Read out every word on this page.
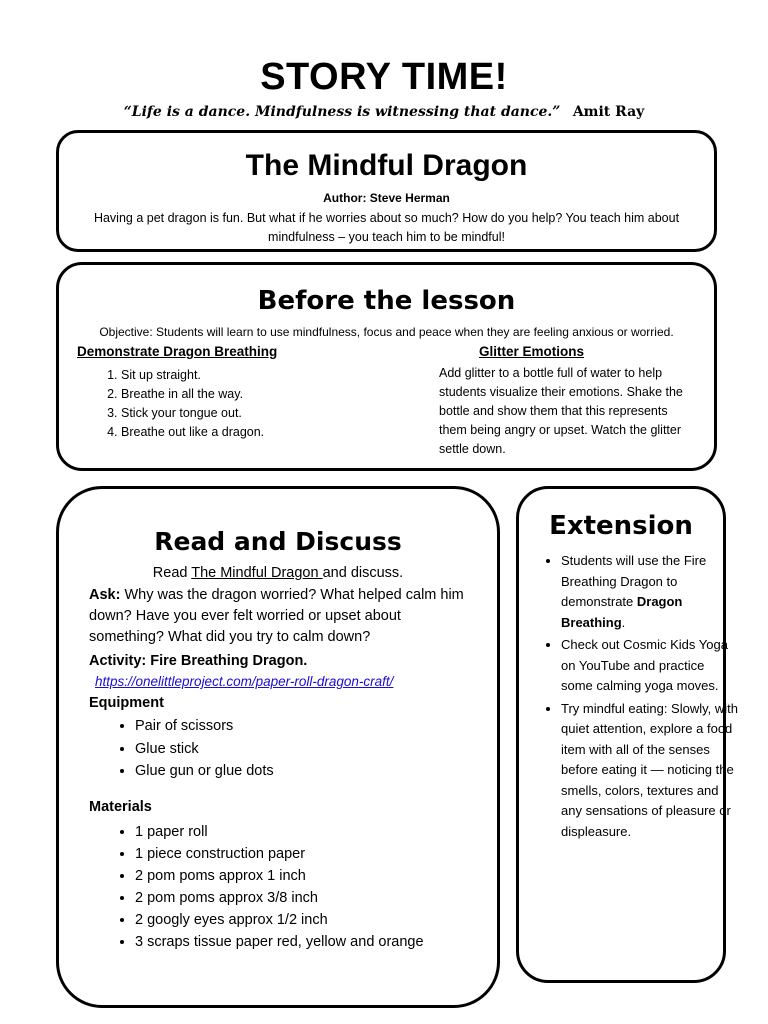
STORY TIME!
“Life is a dance. Mindfulness is witnessing that dance.” Amit Ray
The Mindful Dragon
Author: Steve Herman
Having a pet dragon is fun. But what if he worries about so much? How do you help? You teach him about mindfulness – you teach him to be mindful!
Before the lesson
Objective: Students will learn to use mindfulness, focus and peace when they are feeling anxious or worried.
Demonstrate Dragon Breathing
1. Sit up straight.
2. Breathe in all the way.
3. Stick your tongue out.
4. Breathe out like a dragon.
Glitter Emotions
Add glitter to a bottle full of water to help students visualize their emotions. Shake the bottle and show them that this represents them being angry or upset. Watch the glitter settle down.
Read and Discuss
Read The Mindful Dragon and discuss.
Ask: Why was the dragon worried? What helped calm him down? Have you ever felt worried or upset about something? What did you try to calm down?
Activity: Fire Breathing Dragon.
https://onelittleproject.com/paper-roll-dragon-craft/
Equipment
• Pair of scissors
• Glue stick
• Glue gun or glue dots
Materials
• 1 paper roll
• 1 piece construction paper
• 2 pom poms approx 1 inch
• 2 pom poms approx 3/8 inch
• 2 googly eyes approx 1/2 inch
• 3 scraps tissue paper red, yellow and orange
Extension
• Students will use the Fire Breathing Dragon to demonstrate Dragon Breathing.
• Check out Cosmic Kids Yoga on YouTube and practice some calming yoga moves.
• Try mindful eating: Slowly, with quiet attention, explore a food item with all of the senses before eating it — noticing the smells, colors, textures and any sensations of pleasure or displeasure.
